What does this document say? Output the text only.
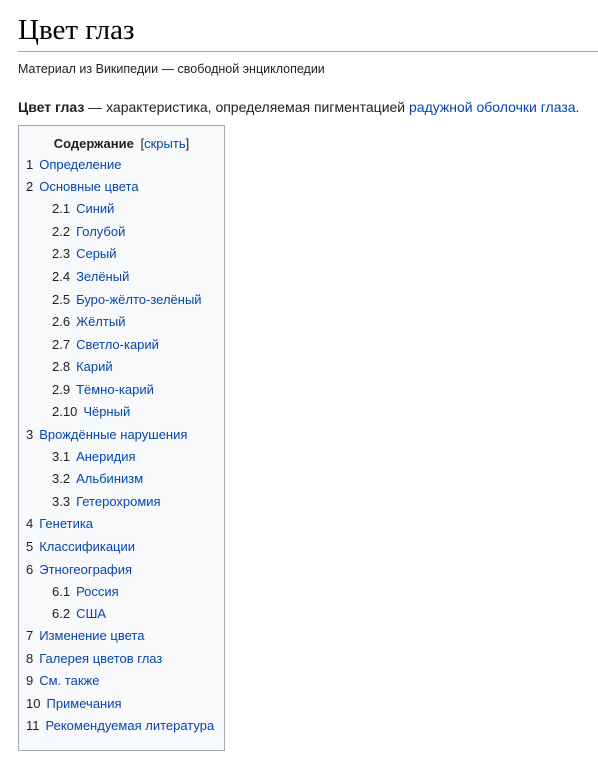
Цвет глаз
Материал из Википедии — свободной энциклопедии

Цвет глаз — характеристика, определяемая пигментацией радужной оболочки глаза.

Содержание [скрыть]
1 Определение
2 Основные цвета
2.1 Синий
2.2 Голубой
2.3 Серый
2.4 Зелёный
2.5 Буро-жёлто-зелёный
2.6 Жёлтый
2.7 Светло-карий
2.8 Карий
2.9 Тёмно-карий
2.10 Чёрный
3 Врождённые нарушения
3.1 Анеридия
3.2 Альбинизм
3.3 Гетерохромия
4 Генетика
5 Классификации
6 Этногеография
6.1 Россия
6.2 США
7 Изменение цвета
8 Галерея цветов глаз
9 См. также
10 Примечания
11 Рекомендуемая литература
